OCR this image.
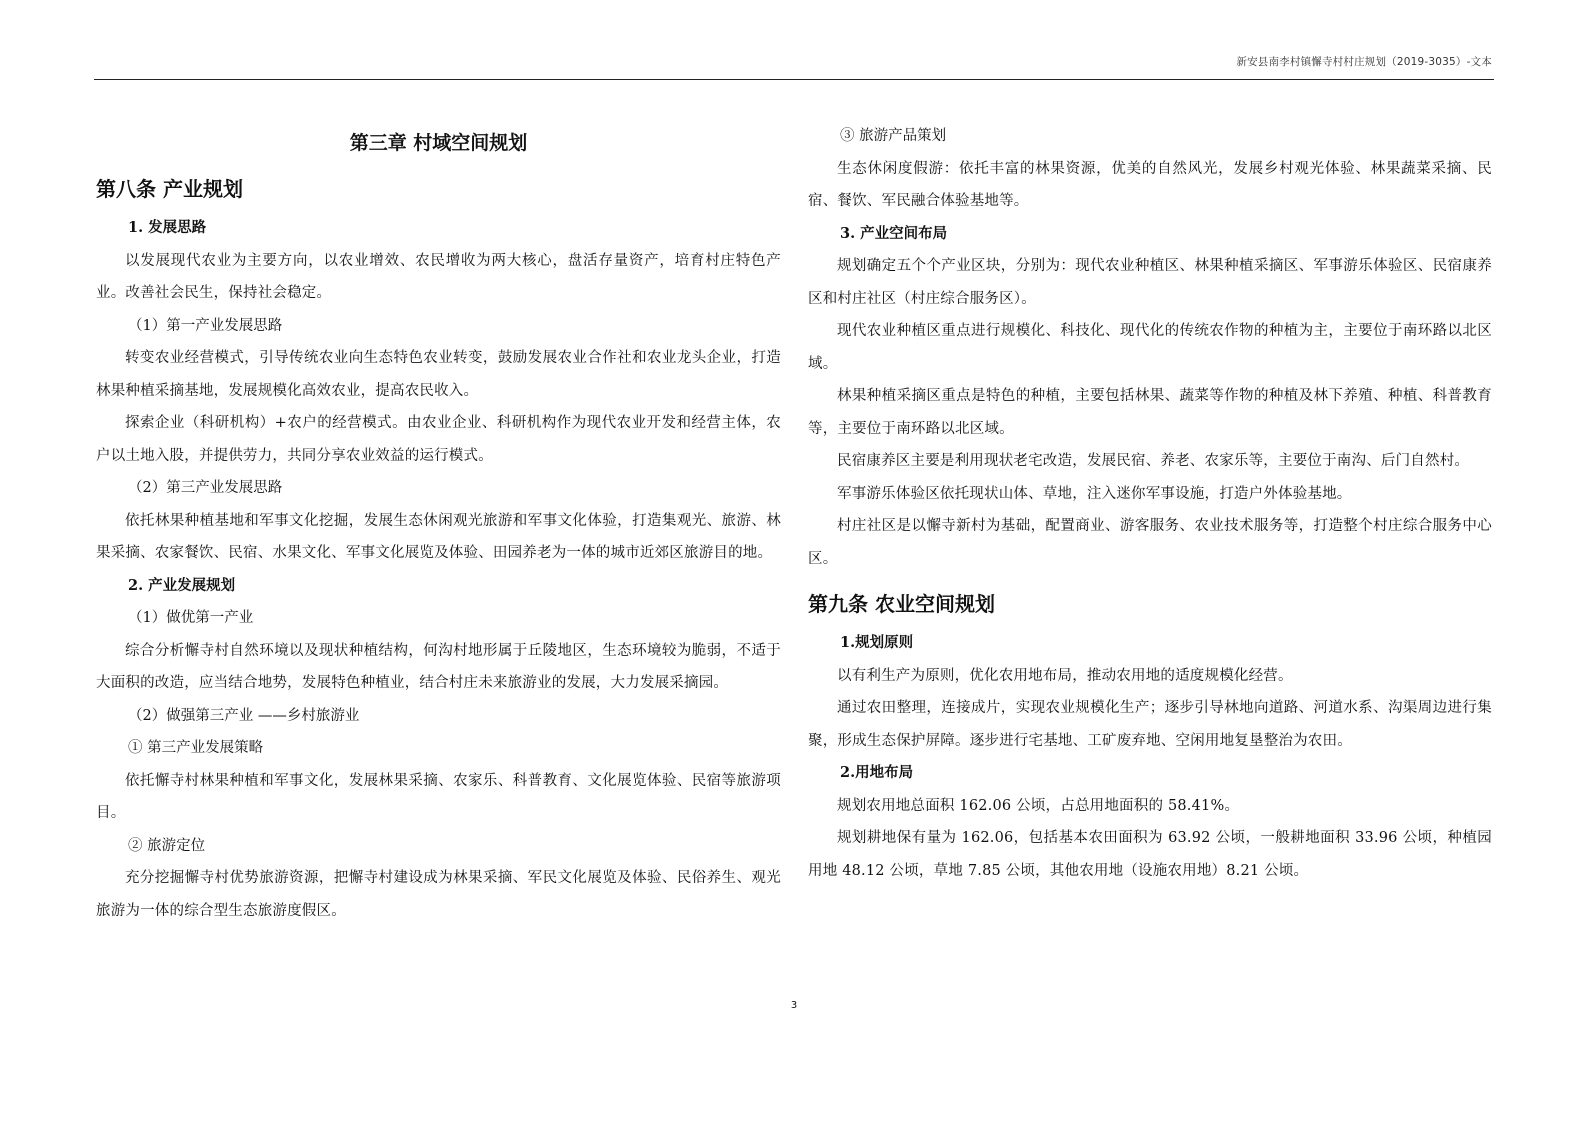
新安县南李村镇懈寺村村庄规划（2019-3035）-文本
第三章 村域空间规划
第八条 产业规划
1. 发展思路

以发展现代农业为主要方向，以农业增效、农民增收为两大核心，盘活存量资产，培育村庄特色产业。改善社会民生，保持社会稳定。

（1）第一产业发展思路

转变农业经营模式，引导传统农业向生态特色农业转变，鼓励发展农业合作社和农业龙头企业，打造林果种植采摘基地，发展规模化高效农业，提高农民收入。

探索企业（科研机构）+农户的经营模式。由农业企业、科研机构作为现代农业开发和经营主体，农户以土地入股，并提供劳力，共同分享农业效益的运行模式。

（2）第三产业发展思路

依托林果种植基地和军事文化挖掘，发展生态休闲观光旅游和军事文化体验，打造集观光、旅游、林果采摘、农家餐饮、民宿、水果文化、军事文化展览及体验、田园养老为一体的城市近郊区旅游目的地。

2. 产业发展规划
（1）做优第一产业

综合分析懈寺村自然环境以及现状种植结构，何沟村地形属于丘陵地区，生态环境较为脆弱，不适于大面积的改造，应当结合地势，发展特色种植业，结合村庄未来旅游业的发展，大力发展采摘园。

（2）做强第三产业 ——乡村旅游业
① 第三产业发展策略

依托懈寺村林果种植和军事文化，发展林果采摘、农家乐、科普教育、文化展览体验、民宿等旅游项目。

② 旅游定位

充分挖掘懈寺村优势旅游资源，把懈寺村建设成为林果采摘、军民文化展览及体验、民俗养生、观光旅游为一体的综合型生态旅游度假区。

③ 旅游产品策划

生态休闲度假游：依托丰富的林果资源，优美的自然风光，发展乡村观光体验、林果蔬菜采摘、民宿、餐饮、军民融合体验基地等。

3. 产业空间布局

规划确定五个个产业区块，分别为：现代农业种植区、林果种植采摘区、军事游乐体验区、民宿康养区和村庄社区（村庄综合服务区）。

现代农业种植区重点进行规模化、科技化、现代化的传统农作物的种植为主，主要位于南环路以北区域。

林果种植采摘区重点是特色的种植，主要包括林果、蔬菜等作物的种植及林下养殖、种植、科普教育等，主要位于南环路以北区域。

民宿康养区主要是利用现状老宅改造，发展民宿、养老、农家乐等，主要位于南沟、后门自然村。

军事游乐体验区依托现状山体、草地，注入迷你军事设施，打造户外体验基地。

村庄社区是以懈寺新村为基础，配置商业、游客服务、农业技术服务等，打造整个村庄综合服务中心区。

第九条 农业空间规划
1.规划原则

以有利生产为原则，优化农用地布局，推动农用地的适度规模化经营。

通过农田整理，连接成片，实现农业规模化生产；逐步引导林地向道路、河道水系、沟渠周边进行集聚，形成生态保护屏障。逐步进行宅基地、工矿废弃地、空闲用地复垦整治为农田。

2.用地布局

规划农用地总面积 162.06 公顷，占总用地面积的 58.41%。

规划耕地保有量为 162.06，包括基本农田面积为 63.92 公顷，一般耕地面积 33.96 公顷，种植园用地 48.12 公顷，草地 7.85 公顷，其他农用地（设施农用地）8.21 公顷。

3
